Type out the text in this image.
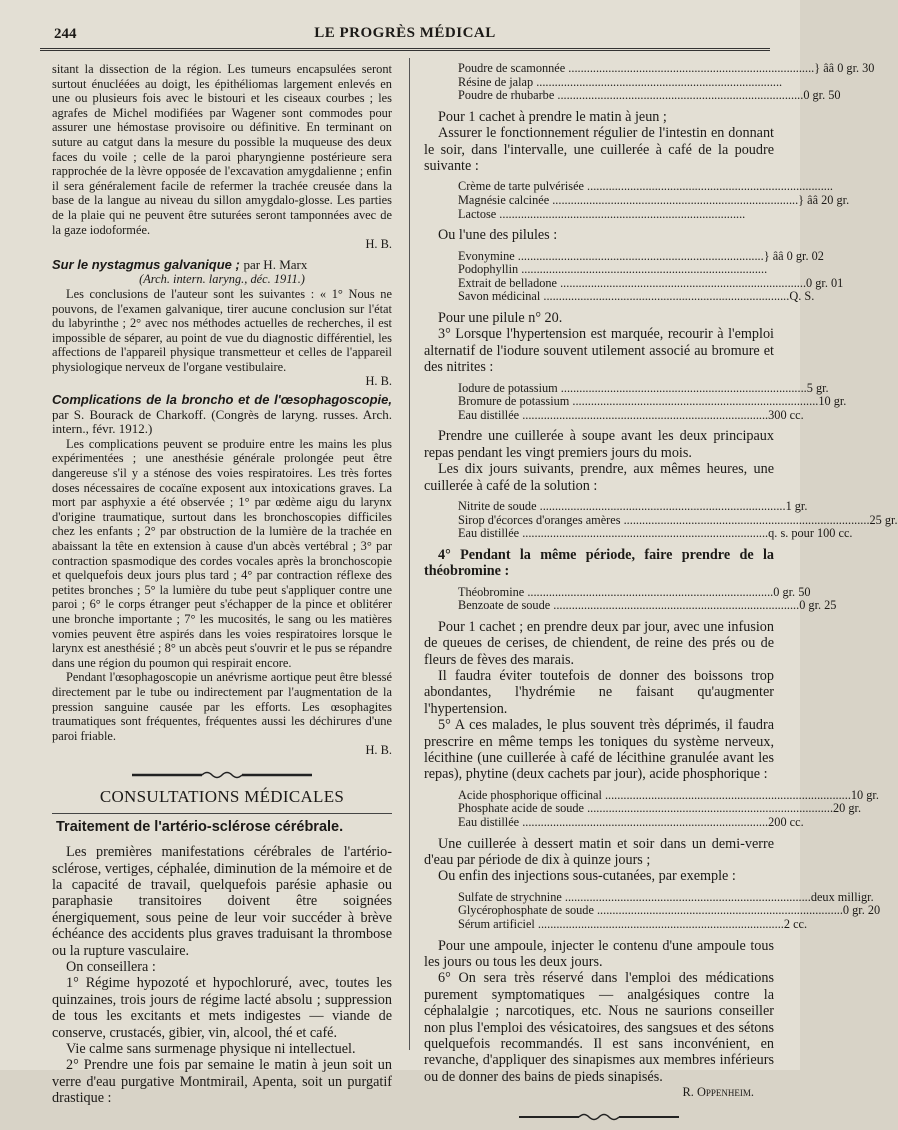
244	LE PROGRÈS MÉDICAL

sitant la dissection de la région. Les tumeurs encapsulées seront surtout énucléées au doigt, les épithéliomas largement enlevés en une ou plusieurs fois avec le bistouri et les ciseaux courbes ; les agrafes de Michel modifiées par Wagener sont commodes pour assurer une hémostase provisoire ou définitive. En terminant on suture au catgut dans la mesure du possible la muqueuse des deux faces du voile ; celle de la paroi pharyngienne postérieure sera rapprochée de la lèvre opposée de l'excavation amygdalienne ; enfin il sera généralement facile de refermer la trachée creusée dans la base de la langue au niveau du sillon amygdalo-glosse. Les parties de la plaie qui ne peuvent être suturées seront tamponnées avec de la gaze iodoformée.

H. B.

Sur le nystagmus galvanique ; par H. Marx

(Arch. intern. laryng., déc. 1911.)

Les conclusions de l'auteur sont les suivantes : « 1° Nous ne pouvons, de l'examen galvanique, tirer aucune conclusion sur l'état du labyrinthe ; 2° avec nos méthodes actuelles de recherches, il est impossible de séparer, au point de vue du diagnostic différentiel, les affections de l'appareil physique transmetteur et celles de l'appareil physiologique nerveux de l'organe vestibulaire.

H. B.

Complications de la broncho et de l'œsophagoscopie, par S. Bourack de Charkoff. (Congrès de laryng. russes. Arch. intern., févr. 1912.)

Les complications peuvent se produire entre les mains les plus expérimentées ; une anesthésie générale prolongée peut être dangereuse s'il y a sténose des voies respiratoires. Les très fortes doses nécessaires de cocaïne exposent aux intoxications graves. La mort par asphyxie a été observée ; 1° par œdème aigu du larynx d'origine traumatique, surtout dans les bronchoscopies difficiles chez les enfants ; 2° par obstruction de la lumière de la trachée en abaissant la tête en extension à cause d'un abcès vertébral ; 3° par contraction spasmodique des cordes vocales après la bronchoscopie et quelquefois deux jours plus tard ; 4° par contraction réflexe des petites bronches ; 5° la lumière du tube peut s'appliquer contre une paroi ; 6° le corps étranger peut s'échapper de la pince et oblitérer une bronche importante ; 7° les mucosités, le sang ou les matières vomies peuvent être aspirés dans les voies respiratoires lorsque le larynx est anesthésié ; 8° un abcès peut s'ouvrir et le pus se répandre dans une région du poumon qui respirait encore.

Pendant l'œsophagoscopie un anévrisme aortique peut être blessé directement par le tube ou indirectement par l'augmentation de la pression sanguine causée par les efforts. Les œsophagites traumatiques sont fréquentes, fréquentes aussi les déchirures d'une paroi friable.

H. B.

CONSULTATIONS MÉDICALES

Traitement de l'artério-sclérose cérébrale.

Les premières manifestations cérébrales de l'artério-sclérose, vertiges, céphalée, diminution de la mémoire et de la capacité de travail, quelquefois parésie aphasie ou paraphasie transitoires doivent être soignées énergiquement, sous peine de leur voir succéder à brève échéance des accidents plus graves traduisant la thrombose ou la rupture vasculaire.

On conseillera :

1° Régime hypozoté et hypochloruré, avec, toutes les quinzaines, trois jours de régime lacté absolu ; suppression de tous les excitants et mets indigestes — viande de conserve, crustacés, gibier, vin, alcool, thé et café.

Vie calme sans surmenage physique ni intellectuel.

2° Prendre une fois par semaine le matin à jeun soit un verre d'eau purgative Montmirail, Apenta, soit un purgatif drastique :

Poudre de scamonnée ................................................................................ } ââ 0 gr. 30
Résine de jalap ................................................................................
Poudre de rhubarbe ................................................................................ 0 gr. 50

Pour 1 cachet à prendre le matin à jeun ;

Assurer le fonctionnement régulier de l'intestin en donnant le soir, dans l'intervalle, une cuillerée à café de la poudre suivante :

Crème de tarte pulvérisée ................................................................................
Magnésie calcinée ................................................................................ } ââ 20 gr.
Lactose ................................................................................

Ou l'une des pilules :

Evonymine ................................................................................ } ââ 0 gr. 02
Podophyllin ................................................................................
Extrait de belladone ................................................................................ 0 gr. 01
Savon médicinal ................................................................................ Q. S.

Pour une pilule n° 20.

3° Lorsque l'hypertension est marquée, recourir à l'emploi alternatif de l'iodure souvent utilement associé au bromure et des nitrites :

Iodure de potassium ................................................................................ 5 gr.
Bromure de potassium ................................................................................ 10 gr.
Eau distillée ................................................................................ 300 cc.

Prendre une cuillerée à soupe avant les deux principaux repas pendant les vingt premiers jours du mois.

Les dix jours suivants, prendre, aux mêmes heures, une cuillerée à café de la solution :

Nitrite de soude ................................................................................ 1 gr.
Sirop d'écorces d'oranges amères ................................................................................ 25 gr.
Eau distillée ................................................................................ q. s. pour 100 cc.

4° Pendant la même période, faire prendre de la théobromine :

Théobromine ................................................................................ 0 gr. 50
Benzoate de soude ................................................................................ 0 gr. 25

Pour 1 cachet ; en prendre deux par jour, avec une infusion de queues de cerises, de chiendent, de reine des prés ou de fleurs de fèves des marais.

Il faudra éviter toutefois de donner des boissons trop abondantes, l'hydrémie ne faisant qu'augmenter l'hypertension.

5° A ces malades, le plus souvent très déprimés, il faudra prescrire en même temps les toniques du système nerveux, lécithine (une cuillerée à café de lécithine granulée avant les repas), phytine (deux cachets par jour), acide phosphorique :

Acide phosphorique officinal ................................................................................ 10 gr.
Phosphate acide de soude ................................................................................ 20 gr.
Eau distillée ................................................................................ 200 cc.

Une cuillerée à dessert matin et soir dans un demi-verre d'eau par période de dix à quinze jours ;

Ou enfin des injections sous-cutanées, par exemple :

Sulfate de strychnine ................................................................................ deux milligr.
Glycérophosphate de soude ................................................................................ 0 gr. 20
Sérum artificiel ................................................................................ 2 cc.

Pour une ampoule, injecter le contenu d'une ampoule tous les jours ou tous les deux jours.

6° On sera très réservé dans l'emploi des médications purement symptomatiques — analgésiques contre la céphalalgie ; narcotiques, etc. Nous ne saurions conseiller non plus l'emploi des vésicatoires, des sangsues et des sétons quelquefois recommandés. Il est sans inconvénient, en revanche, d'appliquer des sinapismes aux membres inférieurs ou de donner des bains de pieds sinapisés.

R. Oppenheim.
